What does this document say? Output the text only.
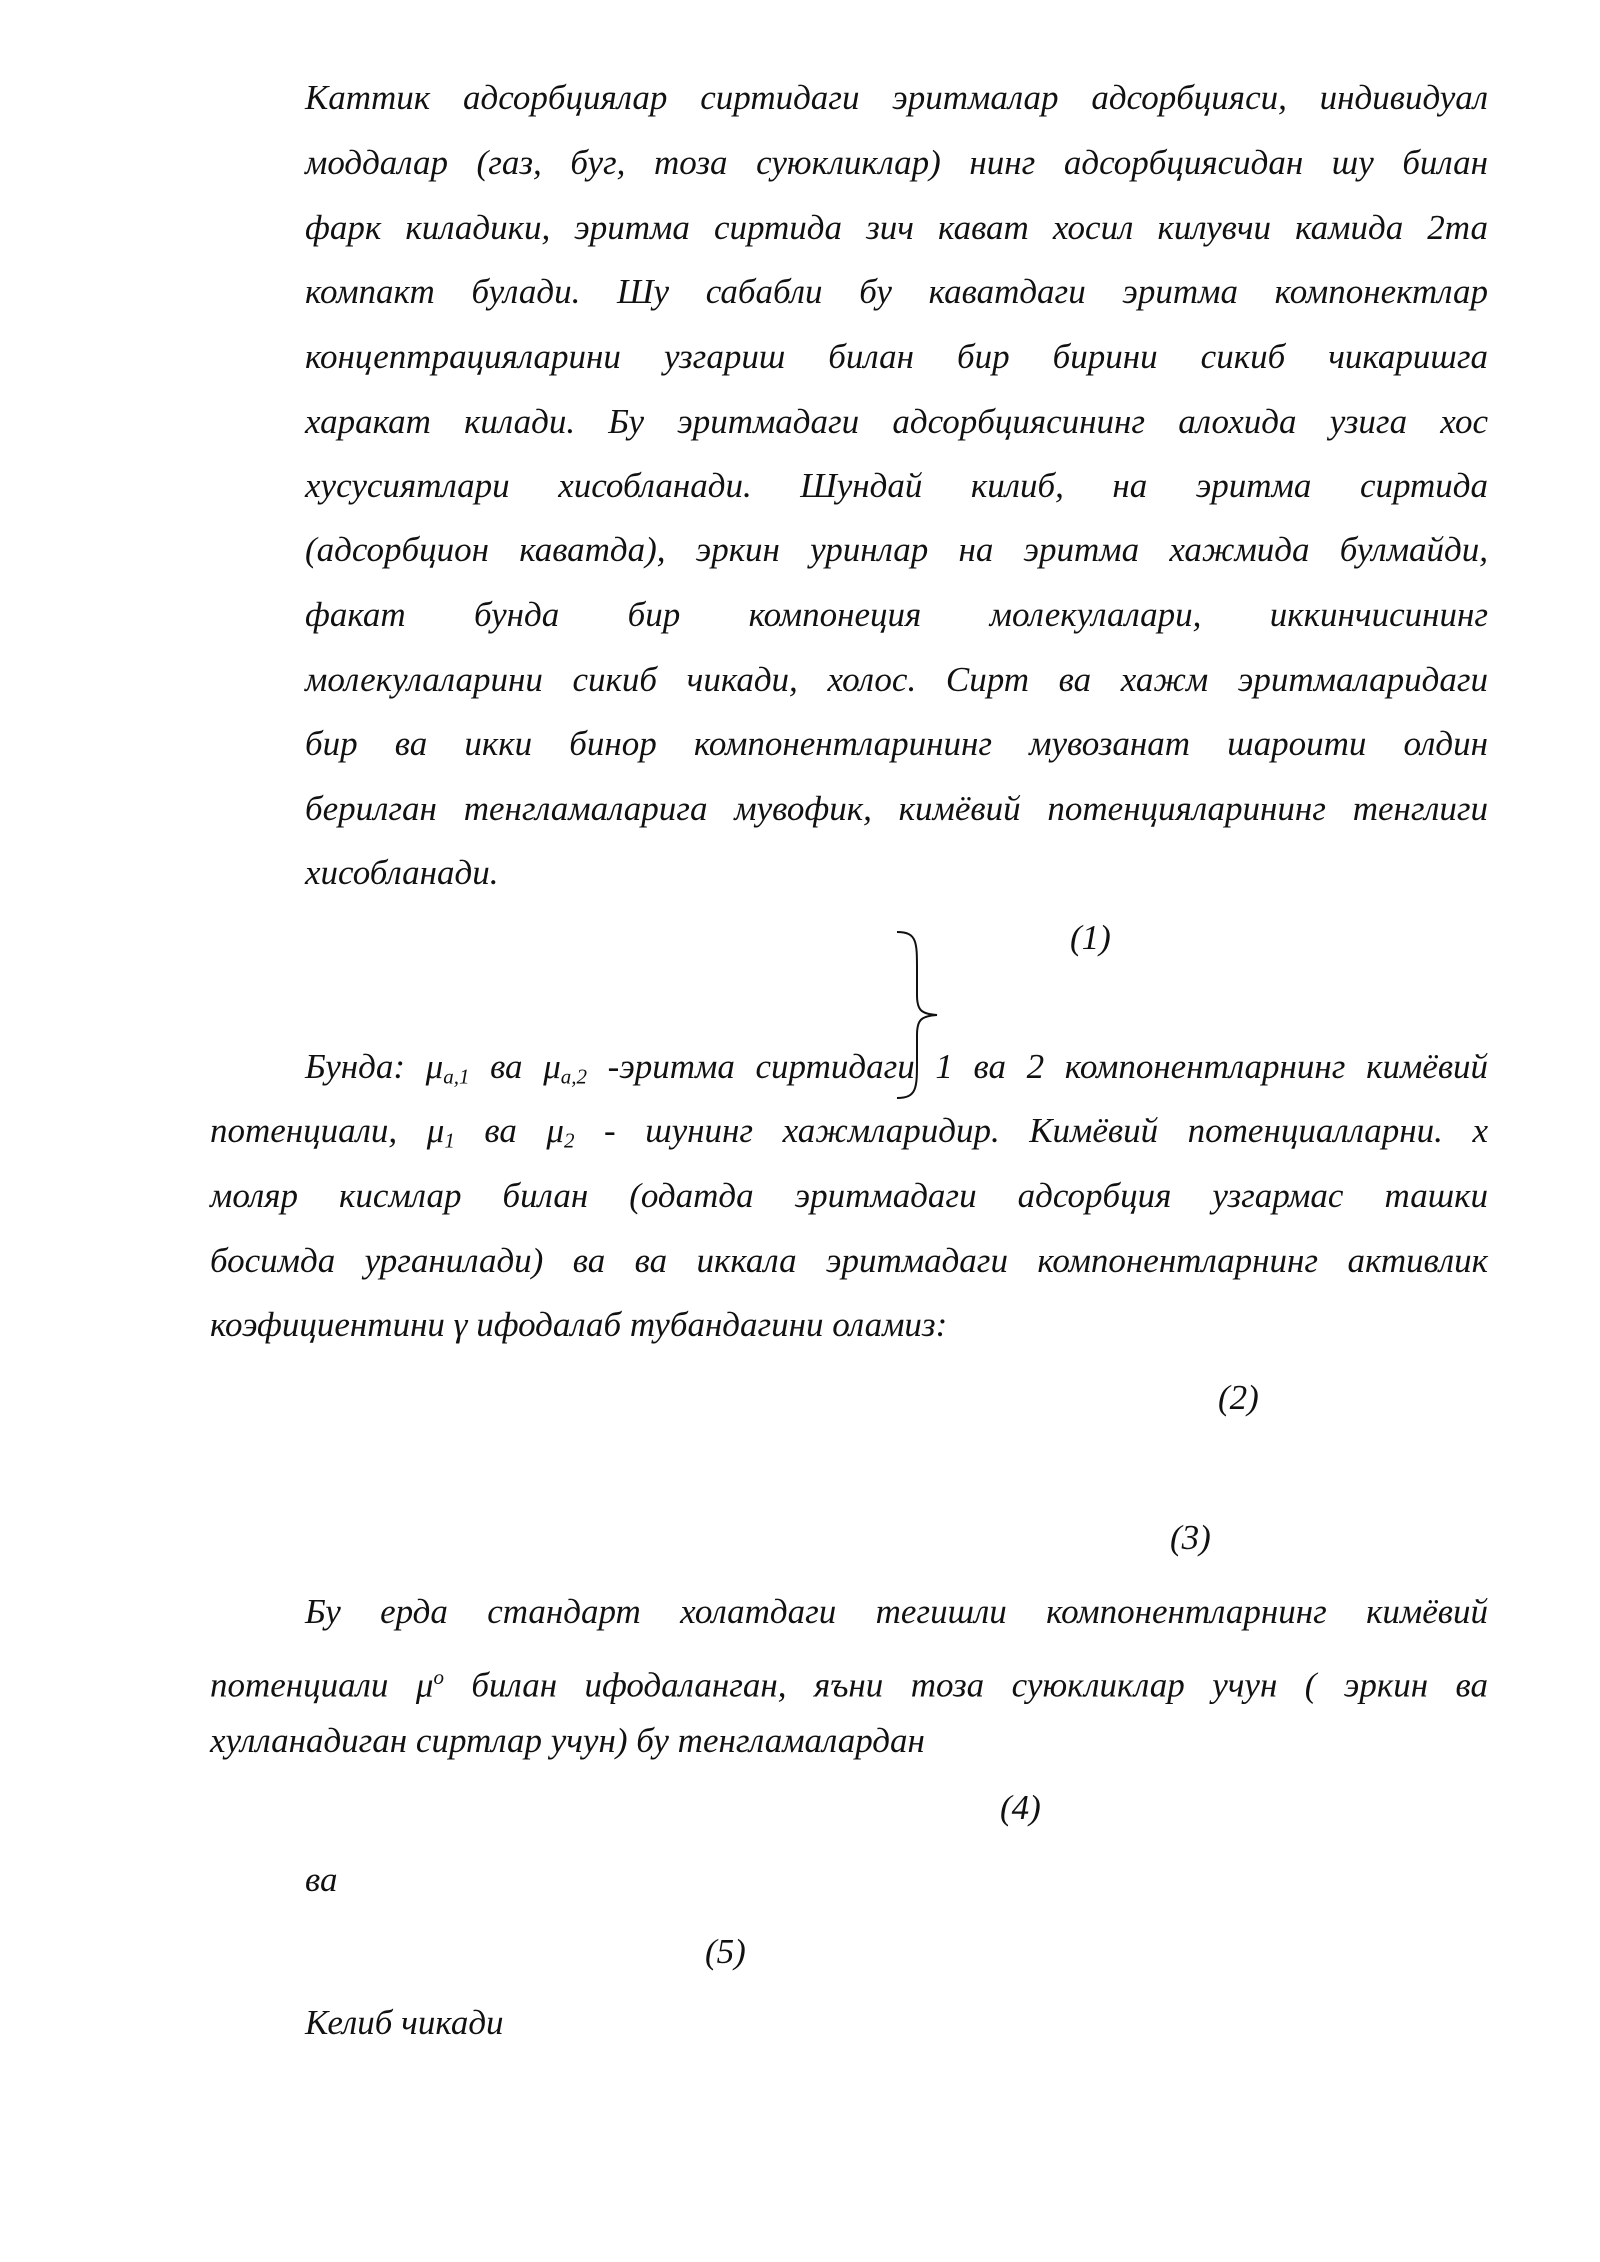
Каттик адсорбциялар сиртидаги эритмалар адсорбцияси, индивидуал
моддалар (газ, буг, тоза суюкликлар) нинг адсорбциясидан шу билан
фарк киладики, эритма сиртида зич кават хосил килувчи камида 2та
компакт булади. Шу сабабли бу каватдаги эритма компонектлар
концептрацияларини узгариш билан бир бирини сикиб чикаришга
харакат килади. Бу эритмадаги адсорбциясининг алохида узига хос
хусусиятлари хисобланади. Шундай килиб, на эритма сиртида
(адсорбцион каватда), эркин уринлар на эритма хажмида булмайди,
факат бунда бир компонеция молекулалари, иккинчисининг
молекулаларини сикиб чикади, холос. Сирт ва хажм эритмаларидаги
бир ва икки бинор компонентларининг мувозанат шароити олдин
берилган тенгламаларига мувофик, кимёвий потенцияларининг тенглиги
хисобланади.
(1)
Бунда: $\mu_{a,1}$ ва $\mu_{a,2}$ -эритма сиртидаги 1 ва 2 компонентларнинг кимёвий
потенциали, $\mu_1$ ва $\mu_2$ - шунинг хажмларидир. Кимёвий потенциалларни. х
моляр кисмлар билан (одатда эритмадаги адсорбция узгармас ташки
босимда урганилади) ва ва иккала эритмадаги компонентларнинг активлик
коэфициентини γ ифодалаб тубандагини оламиз:
(2)
(3)
Бу ерда стандарт холатдаги тегишли компонентларнинг кимёвий
потенциали $\mu^o$ билан ифодаланган, яъни тоза суюкликлар учун ( эркин ва
хулланадиган сиртлар учун) бу тенгламалардан
(4)
ва
(5)
Келиб чикади
